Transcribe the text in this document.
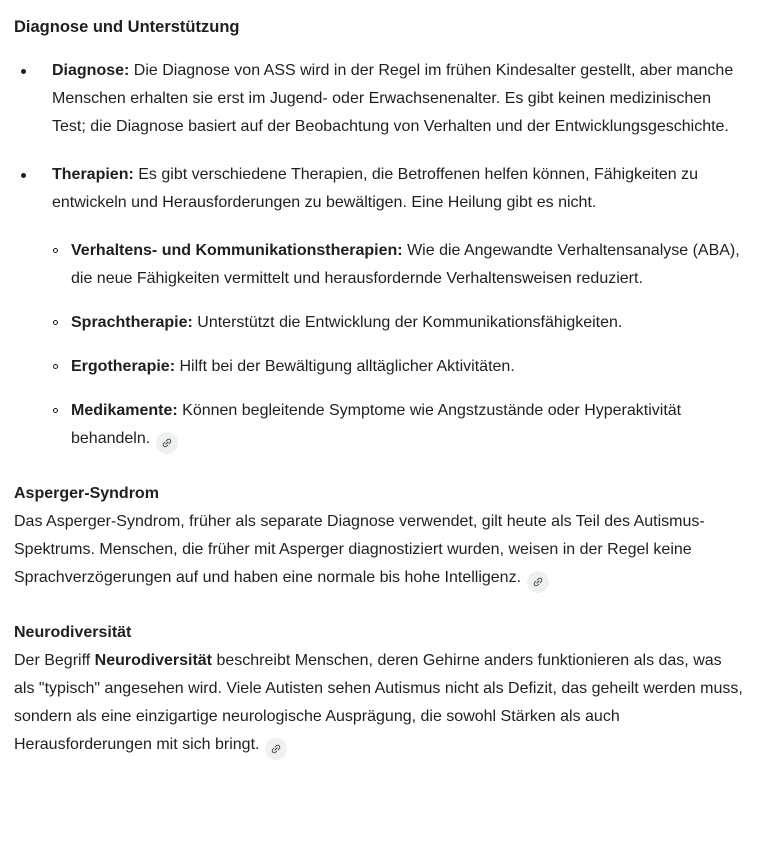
Diagnose und Unterstützung
Diagnose: Die Diagnose von ASS wird in der Regel im frühen Kindesalter gestellt, aber manche Menschen erhalten sie erst im Jugend- oder Erwachsenenalter. Es gibt keinen medizinischen Test; die Diagnose basiert auf der Beobachtung von Verhalten und der Entwicklungsgeschichte.
Therapien: Es gibt verschiedene Therapien, die Betroffenen helfen können, Fähigkeiten zu entwickeln und Herausforderungen zu bewältigen. Eine Heilung gibt es nicht.
Verhaltens- und Kommunikationstherapien: Wie die Angewandte Verhaltensanalyse (ABA), die neue Fähigkeiten vermittelt und herausfordernde Verhaltensweisen reduziert.
Sprachtherapie: Unterstützt die Entwicklung der Kommunikationsfähigkeiten.
Ergotherapie: Hilft bei der Bewältigung alltäglicher Aktivitäten.
Medikamente: Können begleitende Symptome wie Angstzustände oder Hyperaktivität behandeln.
Asperger-Syndrom

Das Asperger-Syndrom, früher als separate Diagnose verwendet, gilt heute als Teil des Autismus-Spektrums. Menschen, die früher mit Asperger diagnostiziert wurden, weisen in der Regel keine Sprachverzögerungen auf und haben eine normale bis hohe Intelligenz.

Neurodiversität

Der Begriff Neurodiversität beschreibt Menschen, deren Gehirne anders funktionieren als das, was als "typisch" angesehen wird. Viele Autisten sehen Autismus nicht als Defizit, das geheilt werden muss, sondern als eine einzigartige neurologische Ausprägung, die sowohl Stärken als auch Herausforderungen mit sich bringt.
